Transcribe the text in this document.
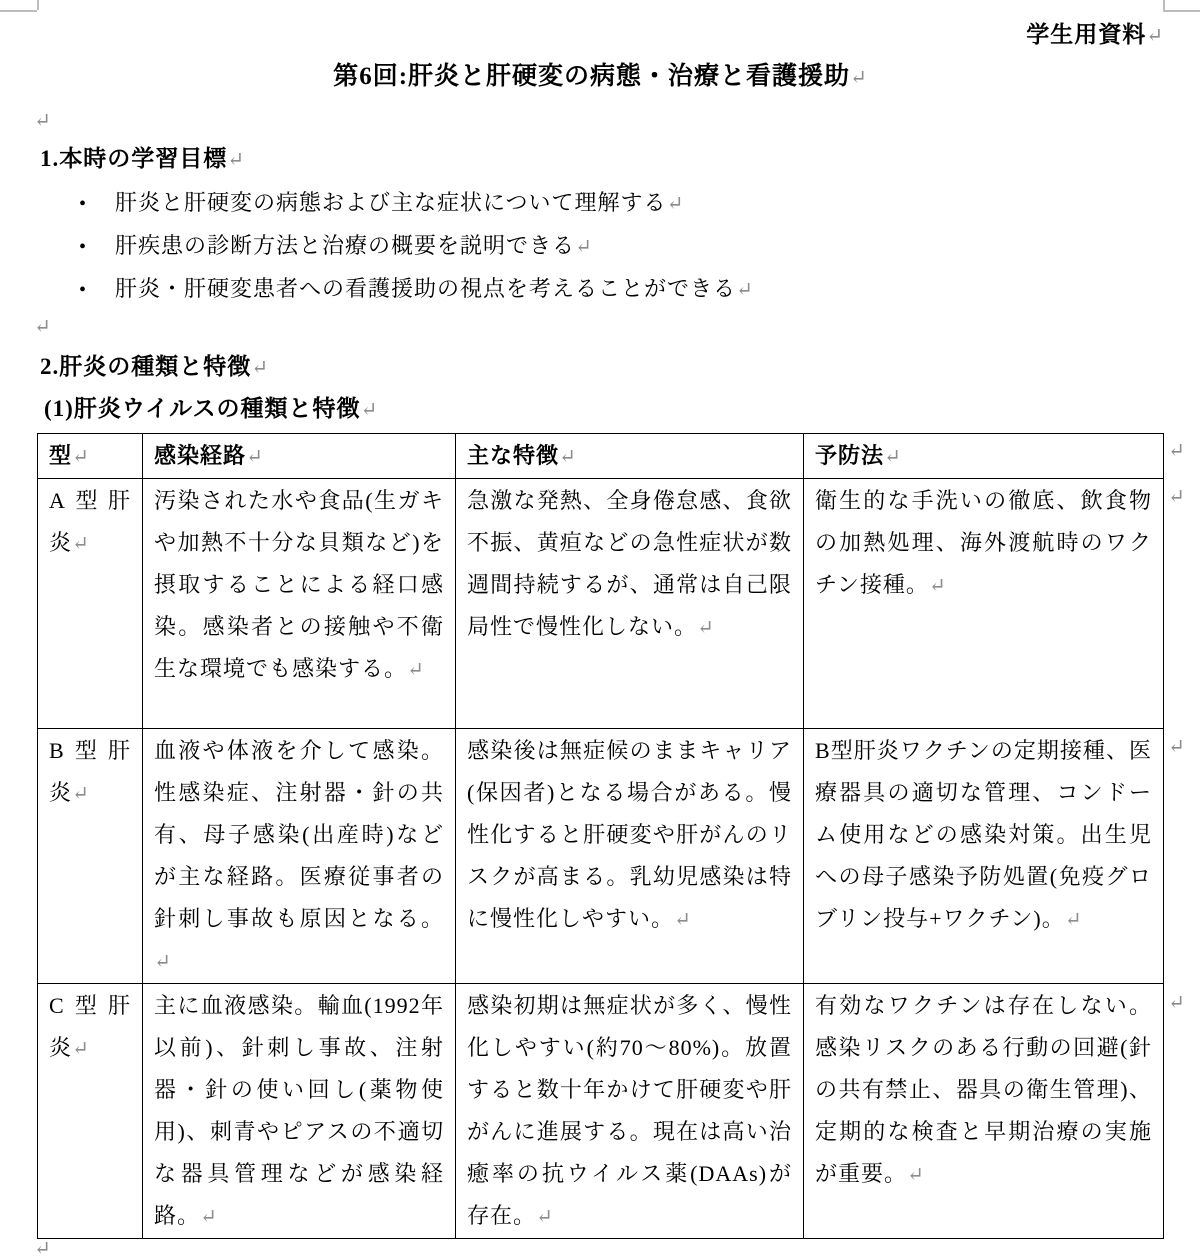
学生用資料↵
第6回:肝炎と肝硬変の病態・治療と看護援助↵
↵
1.本時の学習目標↵
• 肝炎と肝硬変の病態および主な症状について理解する↵
• 肝疾患の診断方法と治療の概要を説明できる↵
• 肝炎・肝硬変患者への看護援助の視点を考えることができる↵
↵
2.肝炎の種類と特徴↵
(1)肝炎ウイルスの種類と特徴↵
型↵	感染経路↵	主な特徴↵	予防法↵
A型肝炎↵	汚染された水や食品(生ガキや加熱不十分な貝類など)を摂取することによる経口感染。感染者との接触や不衛生な環境でも感染する。↵	急激な発熱、全身倦怠感、食欲不振、黄疸などの急性症状が数週間持続するが、通常は自己限局性で慢性化しない。↵	衛生的な手洗いの徹底、飲食物の加熱処理、海外渡航時のワクチン接種。↵
B型肝炎↵	血液や体液を介して感染。性感染症、注射器・針の共有、母子感染(出産時)などが主な経路。医療従事者の針刺し事故も原因となる。↵	感染後は無症候のままキャリア(保因者)となる場合がある。慢性化すると肝硬変や肝がんのリスクが高まる。乳幼児感染は特に慢性化しやすい。↵	B型肝炎ワクチンの定期接種、医療器具の適切な管理、コンドーム使用などの感染対策。出生児への母子感染予防処置(免疫グロブリン投与+ワクチン)。↵
C型肝炎↵	主に血液感染。輸血(1992年以前)、針刺し事故、注射器・針の使い回し(薬物使用)、刺青やピアスの不適切な器具管理などが感染経路。↵	感染初期は無症状が多く、慢性化しやすい(約70〜80%)。放置すると数十年かけて肝硬変や肝がんに進展する。現在は高い治癒率の抗ウイルス薬(DAAs)が存在。↵	有効なワクチンは存在しない。感染リスクのある行動の回避(針の共有禁止、器具の衛生管理)、定期的な検査と早期治療の実施が重要。↵
↵
↵
↵
↵
↵
